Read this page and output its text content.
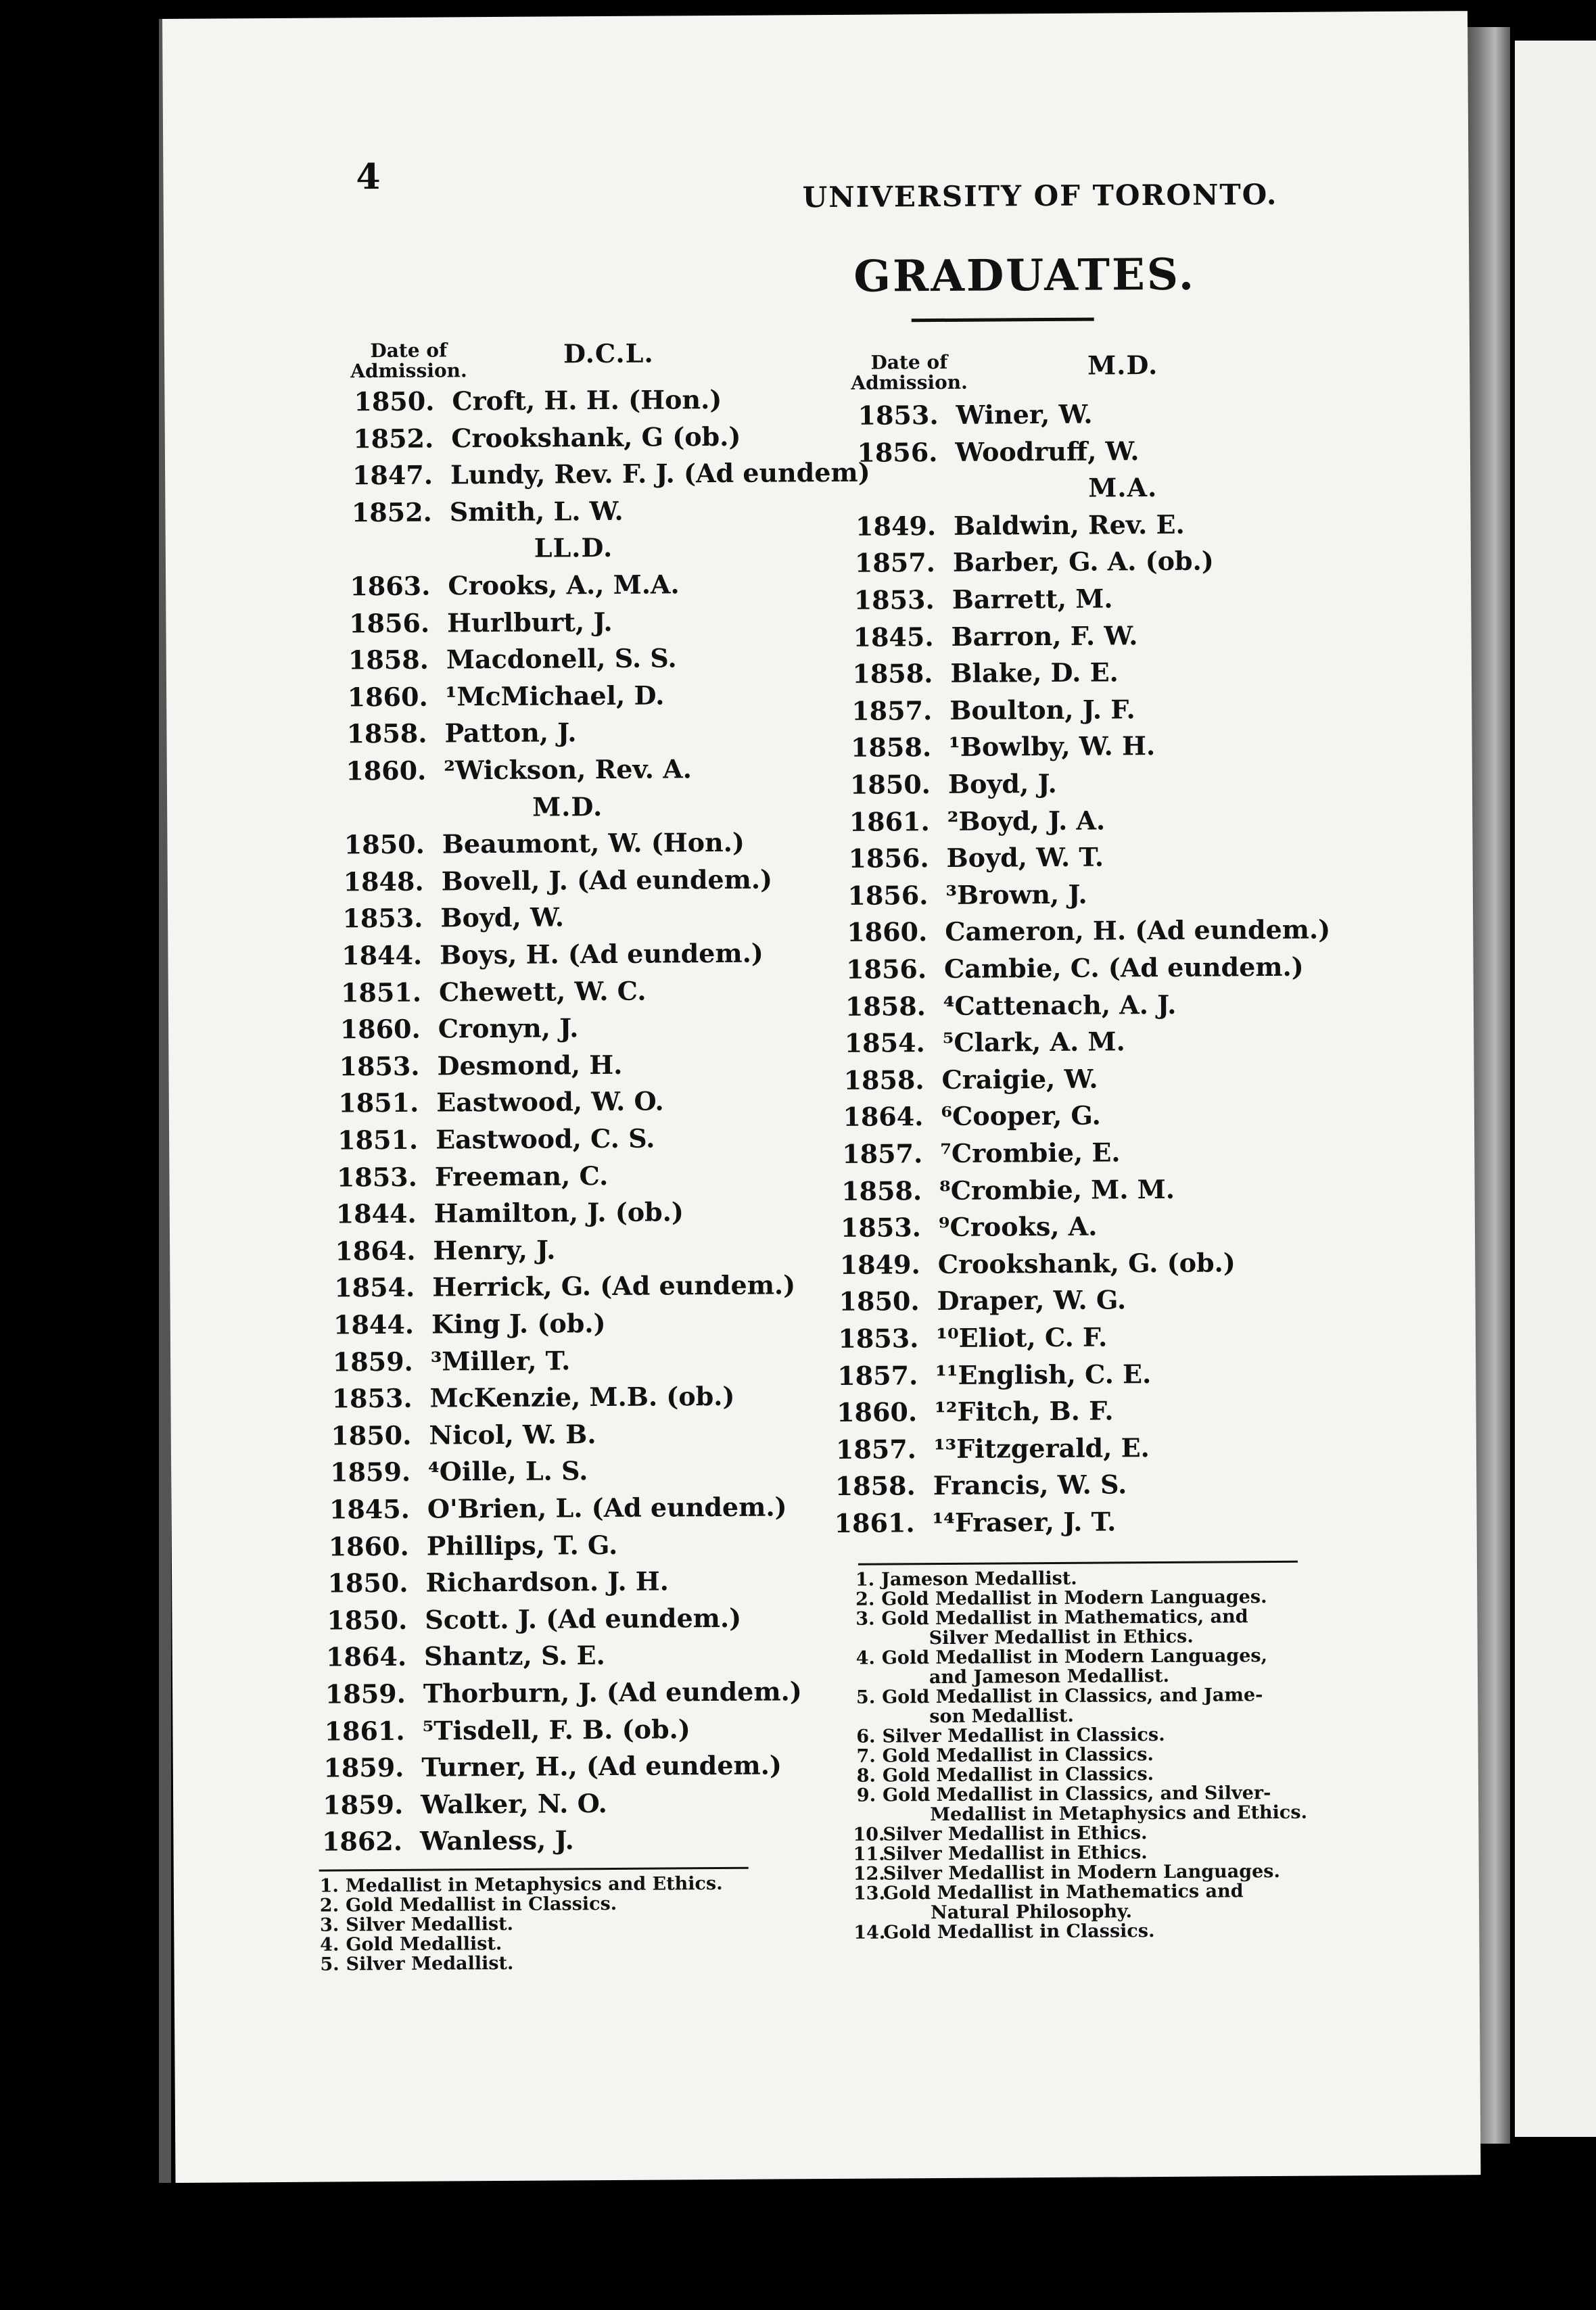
4	UNIVERSITY OF TORONTO.
GRADUATES.
Date of
Admission.
D.C.L.	Date of
Admission.
M.D.
1850. Croft, H. H. (Hon.)
1852. Crookshank, G (ob.)
1847. Lundy, Rev. F. J. (Ad eundem)
1852. Smith, L. W.
LL.D.
1863. Crooks, A., M.A.
1856. Hurlburt, J.
1858. Macdonell, S. S.
1860. ¹McMichael, D.
1858. Patton, J.
1860. ²Wickson, Rev. A.
M.D.
1850. Beaumont, W. (Hon.)
1848. Bovell, J. (Ad eundem.)
1853. Boyd, W.
1844. Boys, H. (Ad eundem.)
1851. Chewett, W. C.
1860. Cronyn, J.
1853. Desmond, H.
1851. Eastwood, W. O.
1851. Eastwood, C. S.
1853. Freeman, C.
1844. Hamilton, J. (ob.)
1864. Henry, J.
1854. Herrick, G. (Ad eundem.)
1844. King J. (ob.)
1859. ³Miller, T.
1853. McKenzie, M.B. (ob.)
1850. Nicol, W. B.
1859. ⁴Oille, L. S.
1845. O'Brien, L. (Ad eundem.)
1860. Phillips, T. G.
1850. Richardson. J. H.
1850. Scott. J. (Ad eundem.)
1864. Shantz, S. E.
1859. Thorburn, J. (Ad eundem.)
1861. ⁵Tisdell, F. B. (ob.)
1859. Turner, H., (Ad eundem.)
1859. Walker, N. O.
1862. Wanless, J.
1853. Winer, W.
1856. Woodruff, W.
M.A.
1849. Baldwin, Rev. E.
1857. Barber, G. A. (ob.)
1853. Barrett, M.
1845. Barron, F. W.
1858. Blake, D. E.
1857. Boulton, J. F.
1858. ¹Bowlby, W. H.
1850. Boyd, J.
1861. ²Boyd, J. A.
1856. Boyd, W. T.
1856. ³Brown, J.
1860. Cameron, H. (Ad eundem.)
1856. Cambie, C. (Ad eundem.)
1858. ⁴Cattenach, A. J.
1854. ⁵Clark, A. M.
1858. Craigie, W.
1864. ⁶Cooper, G.
1857. ⁷Crombie, E.
1858. ⁸Crombie, M. M.
1853. ⁹Crooks, A.
1849. Crookshank, G. (ob.)
1850. Draper, W. G.
1853. ¹⁰Eliot, C. F.
1857. ¹¹English, C. E.
1860. ¹²Fitch, B. F.
1857. ¹³Fitzgerald, E.
1858. Francis, W. S.
1861. ¹⁴Fraser, J. T.
1. Medallist in Metaphysics and Ethics.
2. Gold Medallist in Classics.
3. Silver Medallist.
4. Gold Medallist.
5. Silver Medallist.
1. Jameson Medallist.
2. Gold Medallist in Modern Languages.
3. Gold Medallist in Mathematics, and
Silver Medallist in Ethics.
4. Gold Medallist in Modern Languages,
and Jameson Medallist.
5. Gold Medallist in Classics, and Jame-
son Medallist.
6. Silver Medallist in Classics.
7. Gold Medallist in Classics.
8. Gold Medallist in Classics.
9. Gold Medallist in Classics, and Silver-
Medallist in Metaphysics and Ethics.
10.
Silver Medallist in Ethics.
11.
Silver Medallist in Ethics.
12.
Silver Medallist in Modern Languages.
13.
Gold Medallist in Mathematics and
Natural Philosophy.
14.
Gold Medallist in Classics.
